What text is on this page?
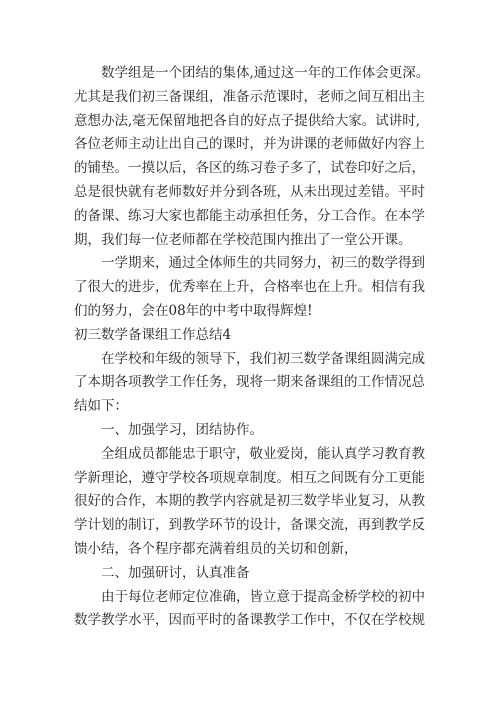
数学组是一个团结的集体,通过这一年的工作体会更深。
尤其是我们初三备课组，准备示范课时，老师之间互相出主
意想办法,毫无保留地把各自的好点子提供给大家。试讲时,
各位老师主动让出自己的课时，并为讲课的老师做好内容上
的铺垫。一摸以后，各区的练习卷子多了，试卷印好之后，
总是很快就有老师数好并分到各班，从未出现过差错。平时
的备课、练习大家也都能主动承担任务，分工合作。在本学
期，我们每一位老师都在学校范围内推出了一堂公开课。
一学期来，通过全体师生的共同努力，初三的数学得到
了很大的进步，优秀率在上升，合格率也在上升。相信有我
们的努力，会在08年的中考中取得辉煌!
初三数学备课组工作总结4
在学校和年级的领导下，我们初三数学备课组圆满完成
了本期各项教学工作任务，现将一期来备课组的工作情况总
结如下：
一、加强学习，团结协作。
全组成员都能忠于职守，敬业爱岗，能认真学习教育教
学新理论，遵守学校各项规章制度。相互之间既有分工更能
很好的合作，本期的教学内容就是初三数学毕业复习，从教
学计划的制订，到教学环节的设计，备课交流，再到教学反
馈小结，各个程序都充满着组员的关切和创新，
二、加强研讨，认真准备
由于每位老师定位准确，皆立意于提高金桥学校的初中
数学教学水平，因而平时的备课教学工作中，不仅在学校规
